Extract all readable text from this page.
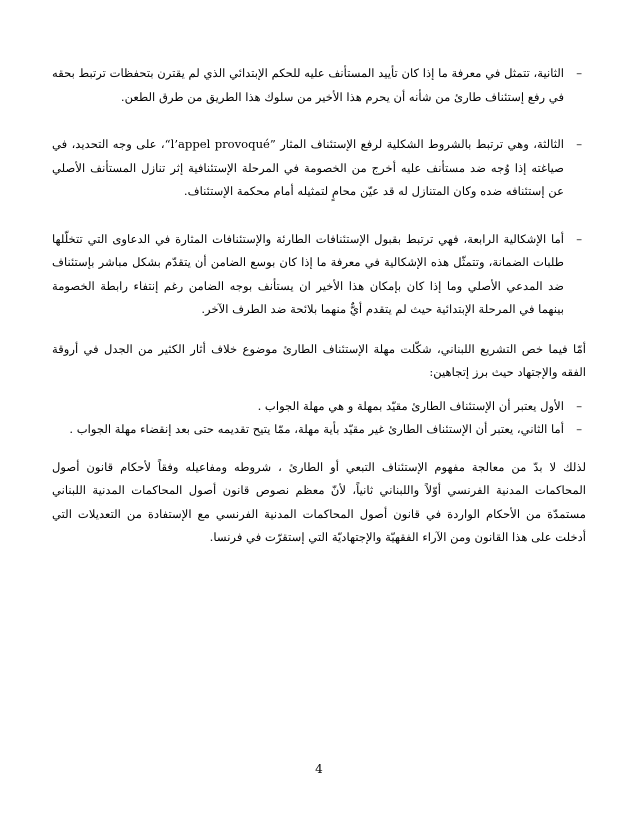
–
الثانية، تتمثل في معرفة ما إذا كان تأييد المستأنف عليه للحكم الإبتدائي الذي لم يقترن بتحفظات ترتبط بحقه في رفع إستئناف طارئ من شأنه أن يحرم هذا الأخير من سلوك هذا الطريق من طرق الطعن.
–
الثالثة، وهي ترتبط بالشروط الشكلية لرفع الإستئناف المثار ”l’appel provoqué“، على وجه التحديد، في صياغته إذا وُجه ضد مستأنف عليه أخرج من الخصومة في المرحلة الإستئنافية إثر تنازل المستأنف الأصلي عن إستئنافه ضده وكان المتنازل له قد عيّن محامٍ لتمثيله أمام محكمة الإستئناف.
–
أما الإشكالية الرابعة، فهي ترتبط بقبول الإستئنافات الطارئة والإستئنافات المثارة في الدعاوى التي تتخلّلها طلبات الضمانة، وتتمثّل هذه الإشكالية في معرفة ما إذا كان بوسع الضامن أن يتقدّم بشكل مباشر بإستئناف ضد المدعي الأصلي وما إذا كان بإمكان هذا الأخير ان يستأنف بوجه الضامن رغم إنتفاء رابطة الخصومة بينهما في المرحلة الإبتدائية حيث لم يتقدم أيٌّ منهما بلائحة ضد الطرف الآخر.

أمّا فيما خص التشريع اللبناني، شكّلت مهلة الإستئناف الطارئ موضوع خلاف أثار الكثير من الجدل في أروقة الفقه والإجتهاد حيث برز إتجاهين:

–
الأول يعتبر أن الإستئناف الطارئ مقيّد بمهلة و هي مهلة الجواب .
–
أما الثاني، يعتبر أن الإستئناف الطارئ غير مقيّد بأية مهلة، ممّا يتيح تقديمه حتى بعد إنقضاء مهلة الجواب .

لذلك لا بدّ من معالجة مفهوم الإستئناف التبعي أو الطارئ ، شروطه ومفاعيله وفقاً لأحكام قانون أصول المحاكمات المدنية الفرنسي أوّلاً واللبناني ثانياً، لأنّ معظم نصوص قانون أصول المحاكمات المدنية اللبناني مستمدّة من الأحكام الواردة في قانون أصول المحاكمات المدنية الفرنسي مع الإستفادة من التعديلات التي أدخلت على هذا القانون ومن الآراء الفقهيّة والإجتهاديّة التي إستقرّت في فرنسا.

4
